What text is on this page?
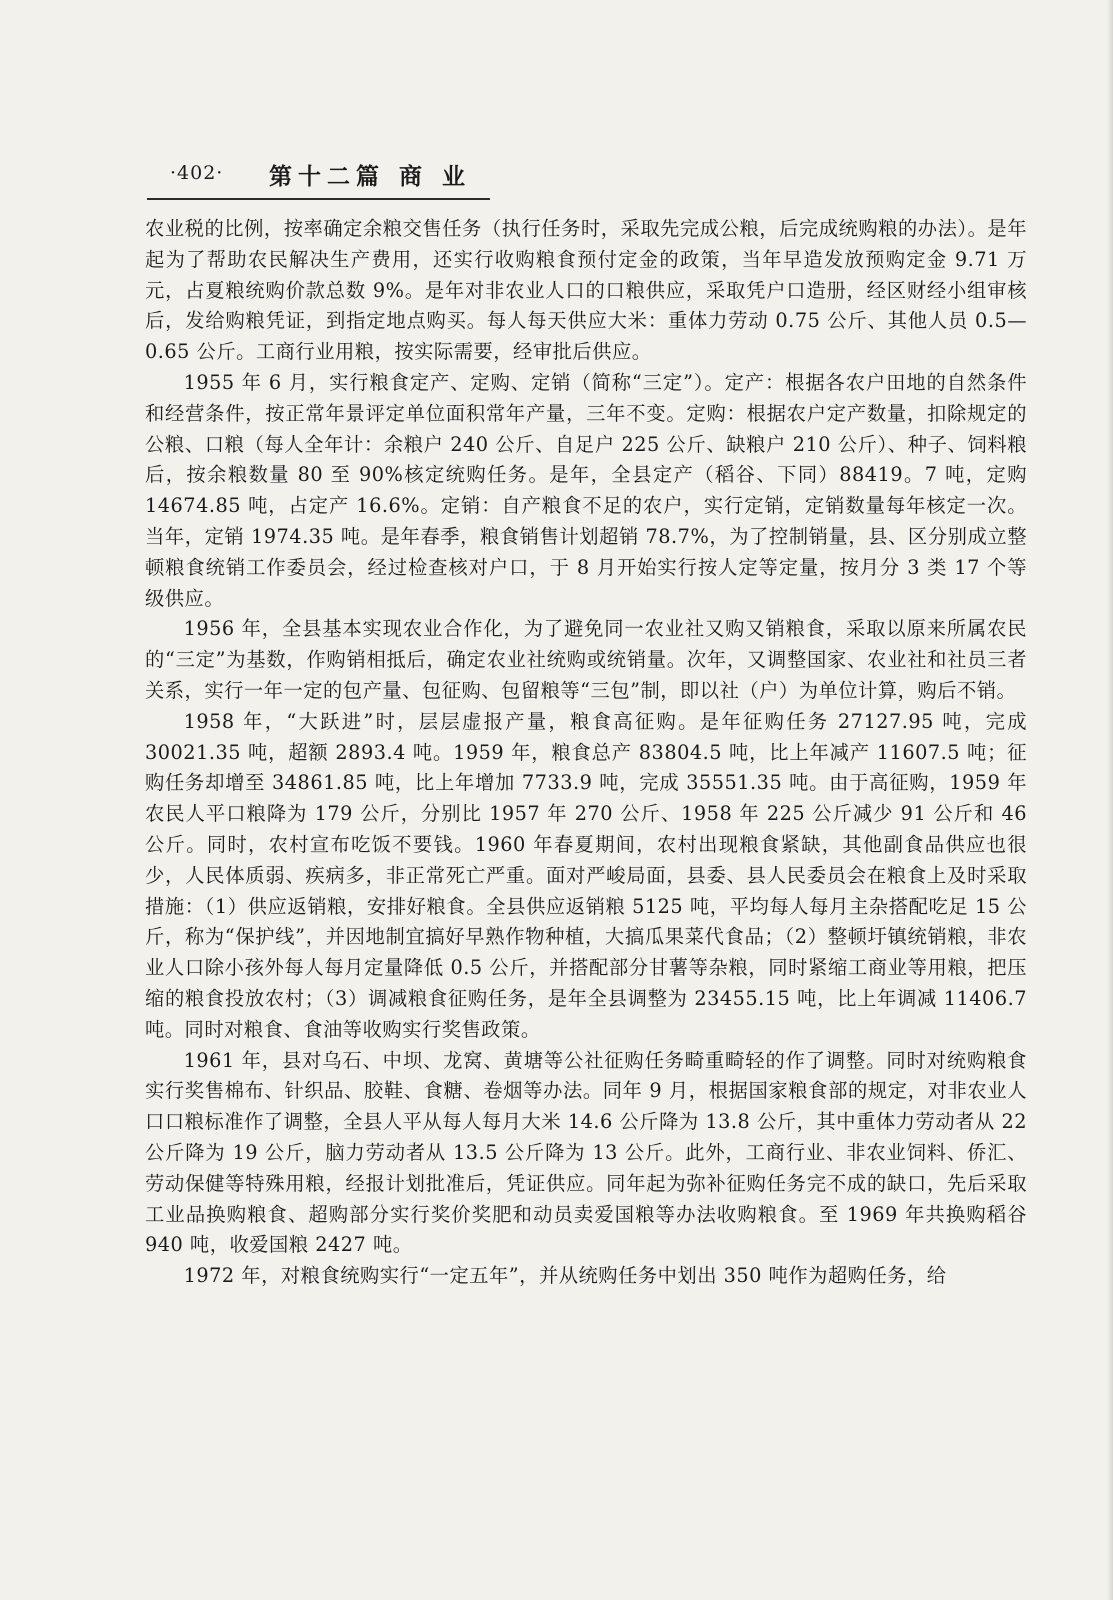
·402· 第十二篇 商 业

农业税的比例，按率确定余粮交售任务（执行任务时，采取先完成公粮，后完成统购粮的办法）。是年起为了帮助农民解决生产费用，还实行收购粮食预付定金的政策，当年早造发放预购定金 9.71 万元，占夏粮统购价款总数 9%。是年对非农业人口的口粮供应，采取凭户口造册，经区财经小组审核后，发给购粮凭证，到指定地点购买。每人每天供应大米：重体力劳动 0.75 公斤、其他人员 0.5—0.65 公斤。工商行业用粮，按实际需要，经审批后供应。

1955 年 6 月，实行粮食定产、定购、定销（简称“三定”）。定产：根据各农户田地的自然条件和经营条件，按正常年景评定单位面积常年产量，三年不变。定购：根据农户定产数量，扣除规定的公粮、口粮（每人全年计：余粮户 240 公斤、自足户 225 公斤、缺粮户 210 公斤）、种子、饲料粮后，按余粮数量 80 至 90%核定统购任务。是年，全县定产（稻谷、下同）88419。7 吨，定购 14674.85 吨，占定产 16.6%。定销：自产粮食不足的农户，实行定销，定销数量每年核定一次。当年，定销 1974.35 吨。是年春季，粮食销售计划超销 78.7%，为了控制销量，县、区分别成立整顿粮食统销工作委员会，经过检查核对户口，于 8 月开始实行按人定等定量，按月分 3 类 17 个等级供应。

1956 年，全县基本实现农业合作化，为了避免同一农业社又购又销粮食，采取以原来所属农民的“三定”为基数，作购销相抵后，确定农业社统购或统销量。次年，又调整国家、农业社和社员三者关系，实行一年一定的包产量、包征购、包留粮等“三包”制，即以社（户）为单位计算，购后不销。

1958 年，“大跃进”时，层层虚报产量，粮食高征购。是年征购任务 27127.95 吨，完成 30021.35 吨，超额 2893.4 吨。1959 年，粮食总产 83804.5 吨，比上年减产 11607.5 吨；征购任务却增至 34861.85 吨，比上年增加 7733.9 吨，完成 35551.35 吨。由于高征购，1959 年农民人平口粮降为 179 公斤，分别比 1957 年 270 公斤、1958 年 225 公斤减少 91 公斤和 46 公斤。同时，农村宣布吃饭不要钱。1960 年春夏期间，农村出现粮食紧缺，其他副食品供应也很少，人民体质弱、疾病多，非正常死亡严重。面对严峻局面，县委、县人民委员会在粮食上及时采取措施：（1）供应返销粮，安排好粮食。全县供应返销粮 5125 吨，平均每人每月主杂搭配吃足 15 公斤，称为“保护线”，并因地制宜搞好早熟作物种植，大搞瓜果菜代食品；（2）整顿圩镇统销粮，非农业人口除小孩外每人每月定量降低 0.5 公斤，并搭配部分甘薯等杂粮，同时紧缩工商业等用粮，把压缩的粮食投放农村；（3）调减粮食征购任务，是年全县调整为 23455.15 吨，比上年调减 11406.7 吨。同时对粮食、食油等收购实行奖售政策。

1961 年，县对乌石、中坝、龙窝、黄塘等公社征购任务畸重畸轻的作了调整。同时对统购粮食实行奖售棉布、针织品、胶鞋、食糖、卷烟等办法。同年 9 月，根据国家粮食部的规定，对非农业人口口粮标准作了调整，全县人平从每人每月大米 14.6 公斤降为 13.8 公斤，其中重体力劳动者从 22 公斤降为 19 公斤，脑力劳动者从 13.5 公斤降为 13 公斤。此外，工商行业、非农业饲料、侨汇、劳动保健等特殊用粮，经报计划批准后，凭证供应。同年起为弥补征购任务完不成的缺口，先后采取工业品换购粮食、超购部分实行奖价奖肥和动员卖爱国粮等办法收购粮食。至 1969 年共换购稻谷 940 吨，收爱国粮 2427 吨。

1972 年，对粮食统购实行“一定五年”，并从统购任务中划出 350 吨作为超购任务，给
